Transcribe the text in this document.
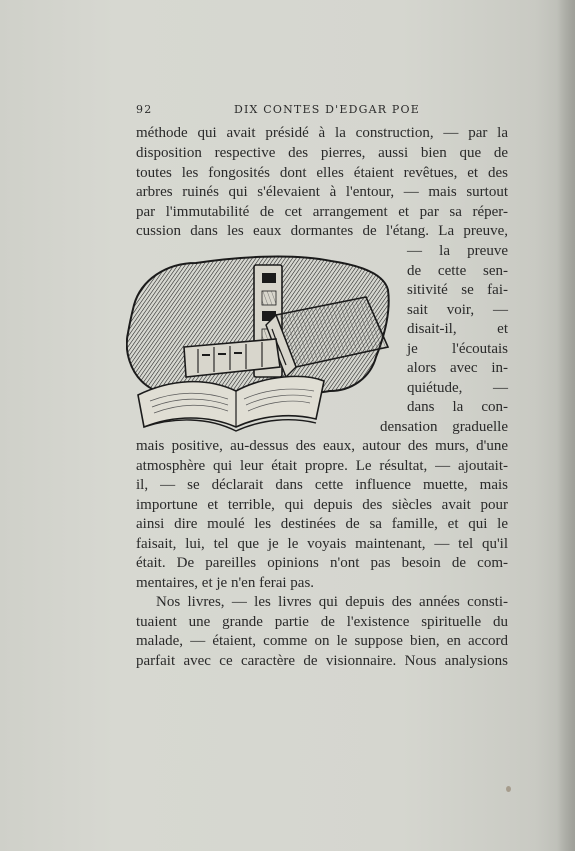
92	DIX CONTES D'EDGAR POE
méthode qui avait présidé à la construction, — par la
disposition respective des pierres, aussi bien que de
toutes les fongosités dont elles étaient revêtues, et des
arbres ruinés qui s'élevaient à l'entour, — mais surtout
par l'immutabilité de cet arrangement et par sa réper-
cussion dans les eaux dormantes de l'étang. La preuve,
— la preuve
de cette sen-
sitivité se fai-
sait voir, —
disait-il, et
je l'écoutais
alors avec in-
quiétude, —
dans la con-
densation graduelle
mais positive, au-dessus des eaux, autour des murs, d'une
atmosphère qui leur était propre. Le résultat, — ajoutait-
il, — se déclarait dans cette influence muette, mais
importune et terrible, qui depuis des siècles avait pour
ainsi dire moulé les destinées de sa famille, et qui le
faisait, lui, tel que je le voyais maintenant, — tel qu'il
était. De pareilles opinions n'ont pas besoin de com-
mentaires, et je n'en ferai pas.
Nos livres, — les livres qui depuis des années consti-
tuaient une grande partie de l'existence spirituelle du
malade, — étaient, comme on le suppose bien, en accord
parfait avec ce caractère de visionnaire. Nous analysions
